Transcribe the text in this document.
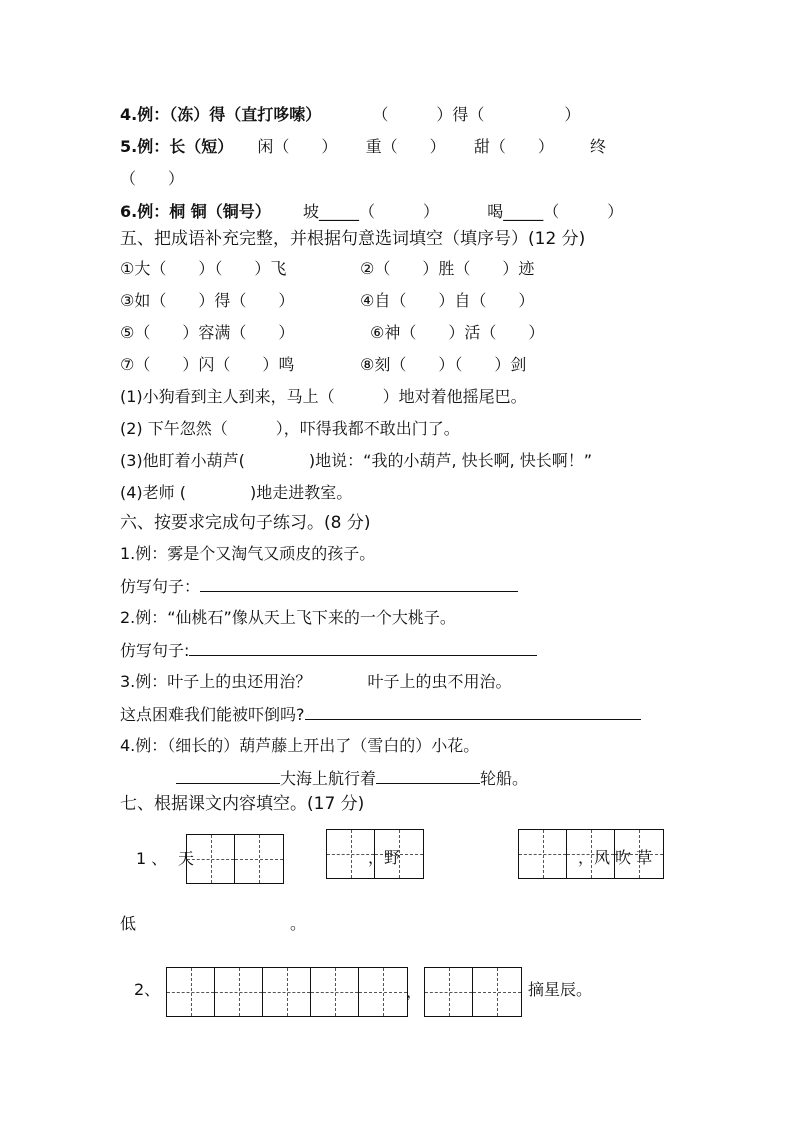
4.例：（冻）得（直打哆嗦）	（　　　）得（　　　　　）
5.例：长（短） 闲（　　） 重（　　） 甜（　　） 终
（　　）
6.例：桐 铜（铜号） 坡_____（　　　）	喝_____（　　　）
五、把成语补充完整，并根据句意选词填空（填序号）(12 分)
①大（　　）（　　）飞	②（　　）胜（　　）迹
③如（　　）得（　　）	④自（　　）自（　　）
⑤（　　）容满（　　）	⑥神（　　）活（　　）
⑦（　　）闪（　　）鸣	⑧刻（　　）（　　）剑
(1)小狗看到主人到来，马上（　　　）地对着他摇尾巴。
(2) 下午忽然（　　　），吓得我都不敢出门了。
(3)他盯着小葫芦(　　　　)地说：“我的小葫芦, 快长啊, 快长啊！”
(4)老师 (　　　　)地走进教室。
六、按要求完成句子练习。(8 分)
1.例：雾是个又淘气又顽皮的孩子。
仿写句子：
2.例：“仙桃石”像从天上飞下来的一个大桃子。
仿写句子:
3.例：叶子上的虫还用治？	叶子上的虫不用治。
这点困难我们能被吓倒吗?
4.例：（细长的）葫芦藤上开出了（雪白的）小花。
大海上航行着	轮船。
七、根据课文内容填空。(17 分)
1 、 天	，野	，风 吹 草
低	。
2、	，	摘星辰。
